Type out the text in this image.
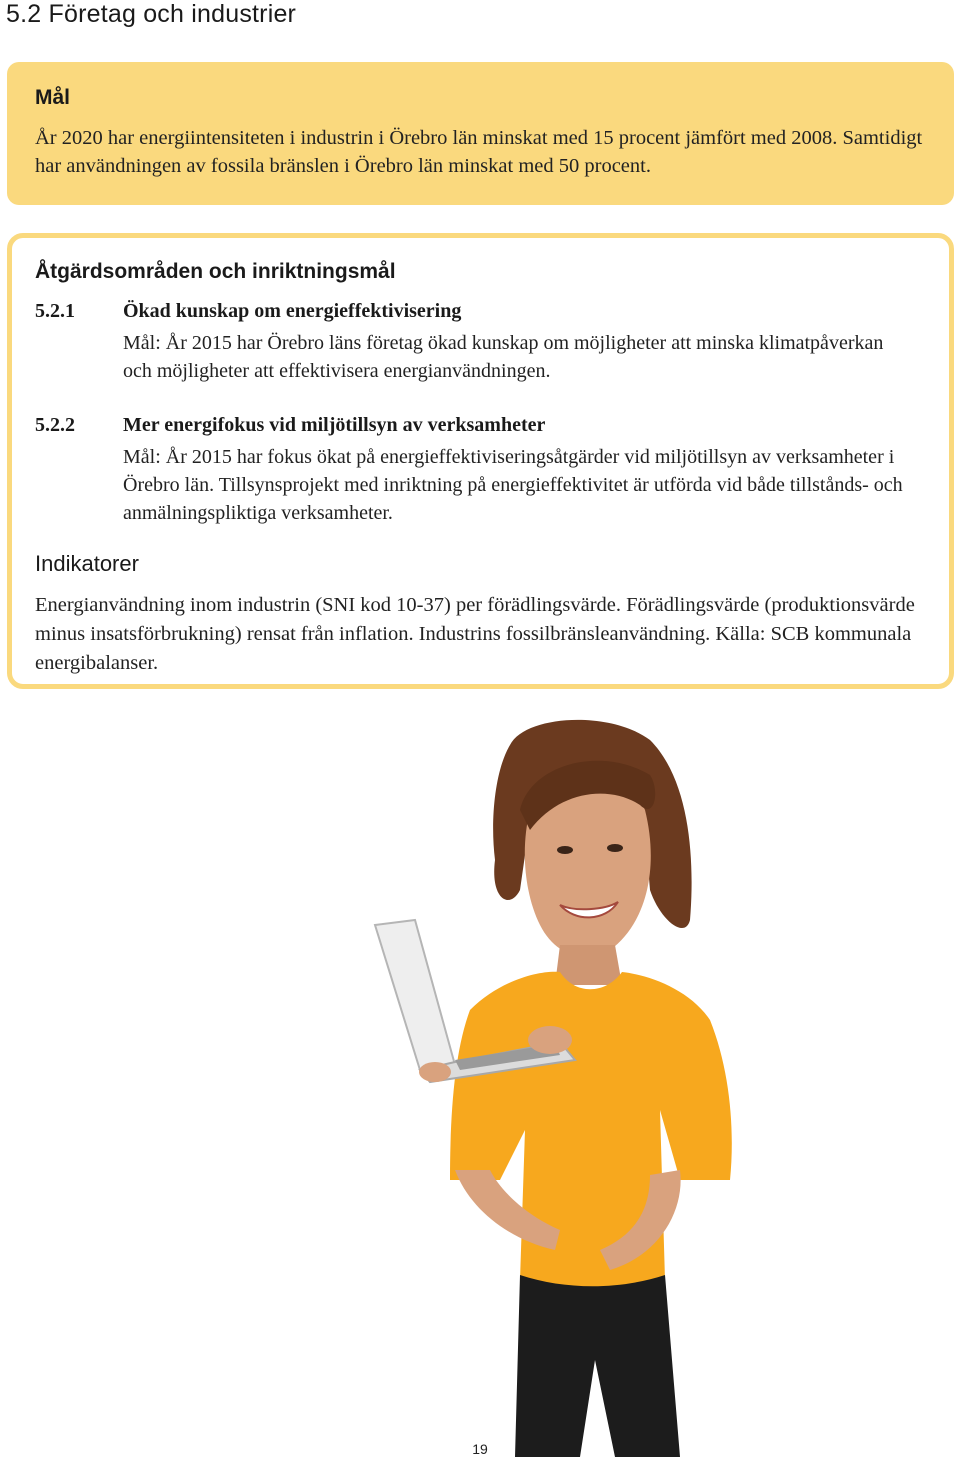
5.2 Företag och industrier
Mål

År 2020 har energiintensiteten i industrin i Örebro län minskat med 15 procent jämfört med 2008. Samtidigt har användningen av fossila bränslen i Örebro län minskat med 50 procent.

Åtgärdsområden och inriktningsmål
5.2.1 Ökad kunskap om energieffektivisering

Mål: År 2015 har Örebro läns företag ökad kunskap om möjligheter att minska klimatpåverkan och möjligheter att effektivisera energianvändningen.

5.2.2 Mer energifokus vid miljötillsyn av verksamheter

Mål: År 2015 har fokus ökat på energieffektiviseringsåtgärder vid miljötillsyn av verksamheter i Örebro län. Tillsynsprojekt med inriktning på energieffektivitet är utförda vid både tillstånds- och anmälningspliktiga verksamheter.

Indikatorer

Energianvändning inom industrin (SNI kod 10-37) per förädlingsvärde. Förädlingsvärde (produktionsvärde minus insatsförbrukning) rensat från inflation. Industrins fossilbränsleanvändning. Källa: SCB kommunala energibalanser.

19
